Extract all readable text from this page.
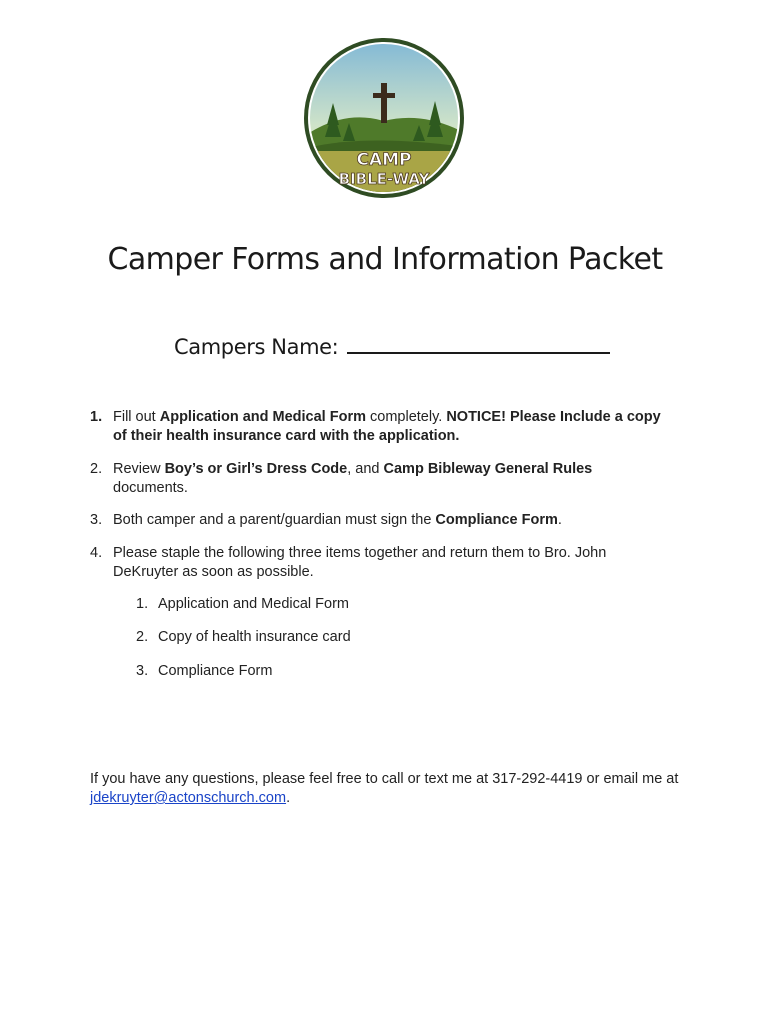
CAMP
BIBLE-WAY
Camper Forms and Information Packet
Campers Name:
1. Fill out Application and Medical Form completely. NOTICE! Please Include a copy of their health insurance card with the application.
2. Review Boy’s or Girl’s Dress Code, and Camp Bibleway General Rules documents.
3. Both camper and a parent/guardian must sign the Compliance Form.
4. Please staple the following three items together and return them to Bro. John DeKruyter as soon as possible.
1. Application and Medical Form
2. Copy of health insurance card
3. Compliance Form
If you have any questions, please feel free to call or text me at 317-292-4419 or email me at jdekruyter@actonschurch.com.
